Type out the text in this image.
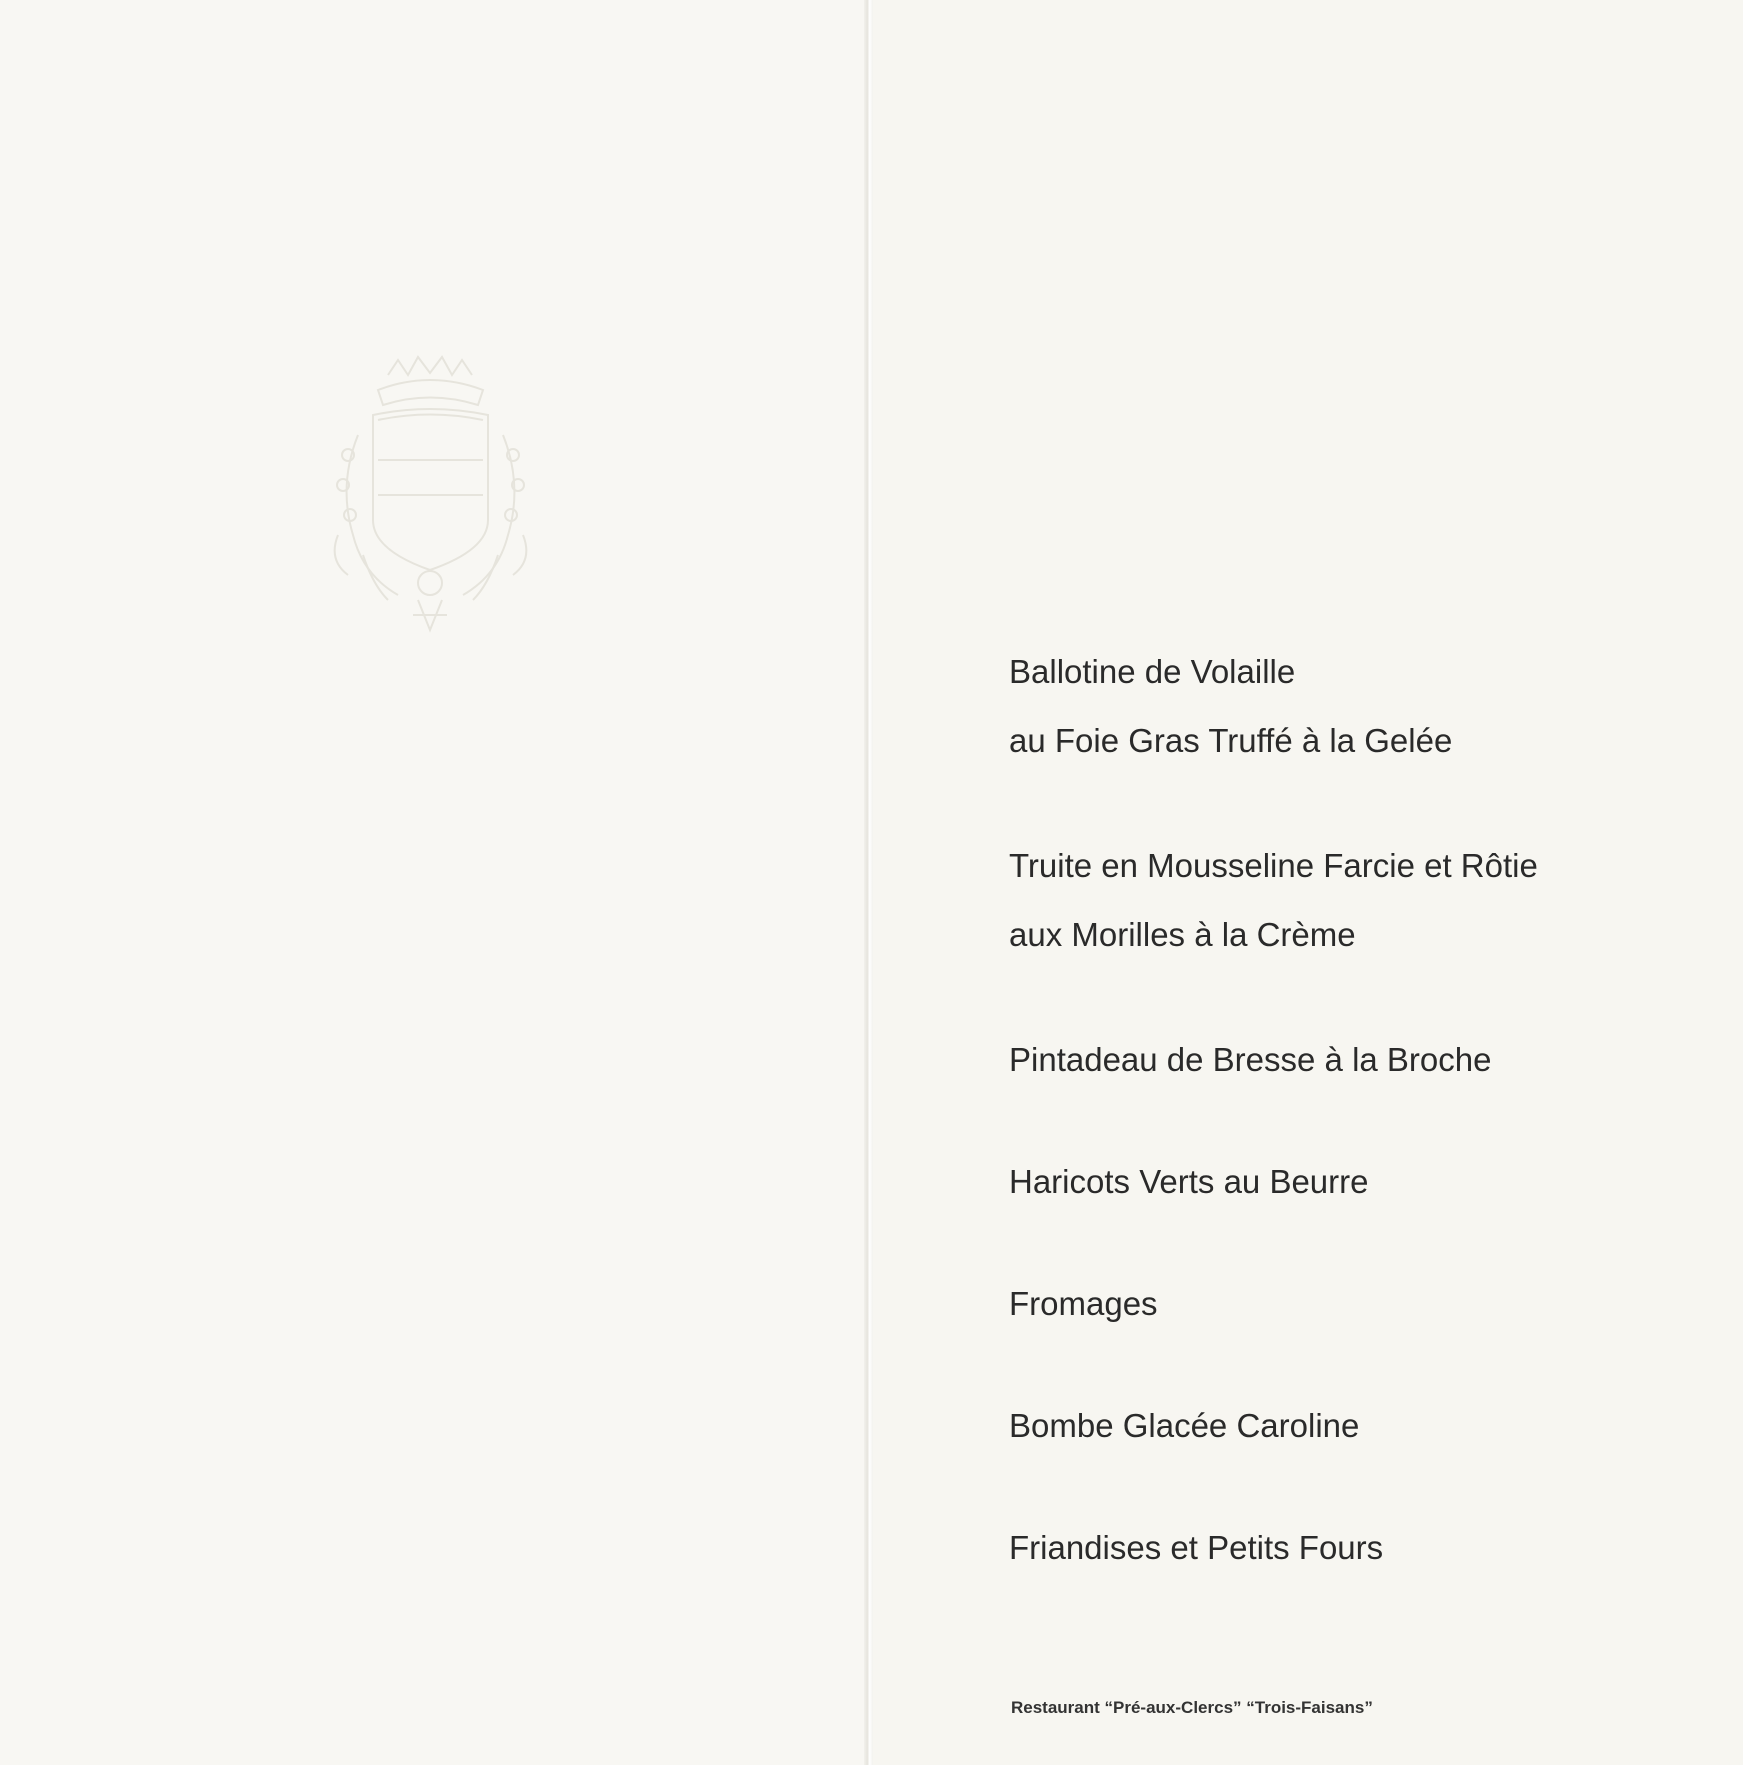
Ballotine de Volaille
au Foie Gras Truffé à la Gelée
Truite en Mousseline Farcie et Rôtie
aux Morilles à la Crème
Pintadeau de Bresse à la Broche
Haricots Verts au Beurre
Fromages
Bombe Glacée Caroline
Friandises et Petits Fours
Restaurant “Pré-aux-Clercs” “Trois-Faisans”
